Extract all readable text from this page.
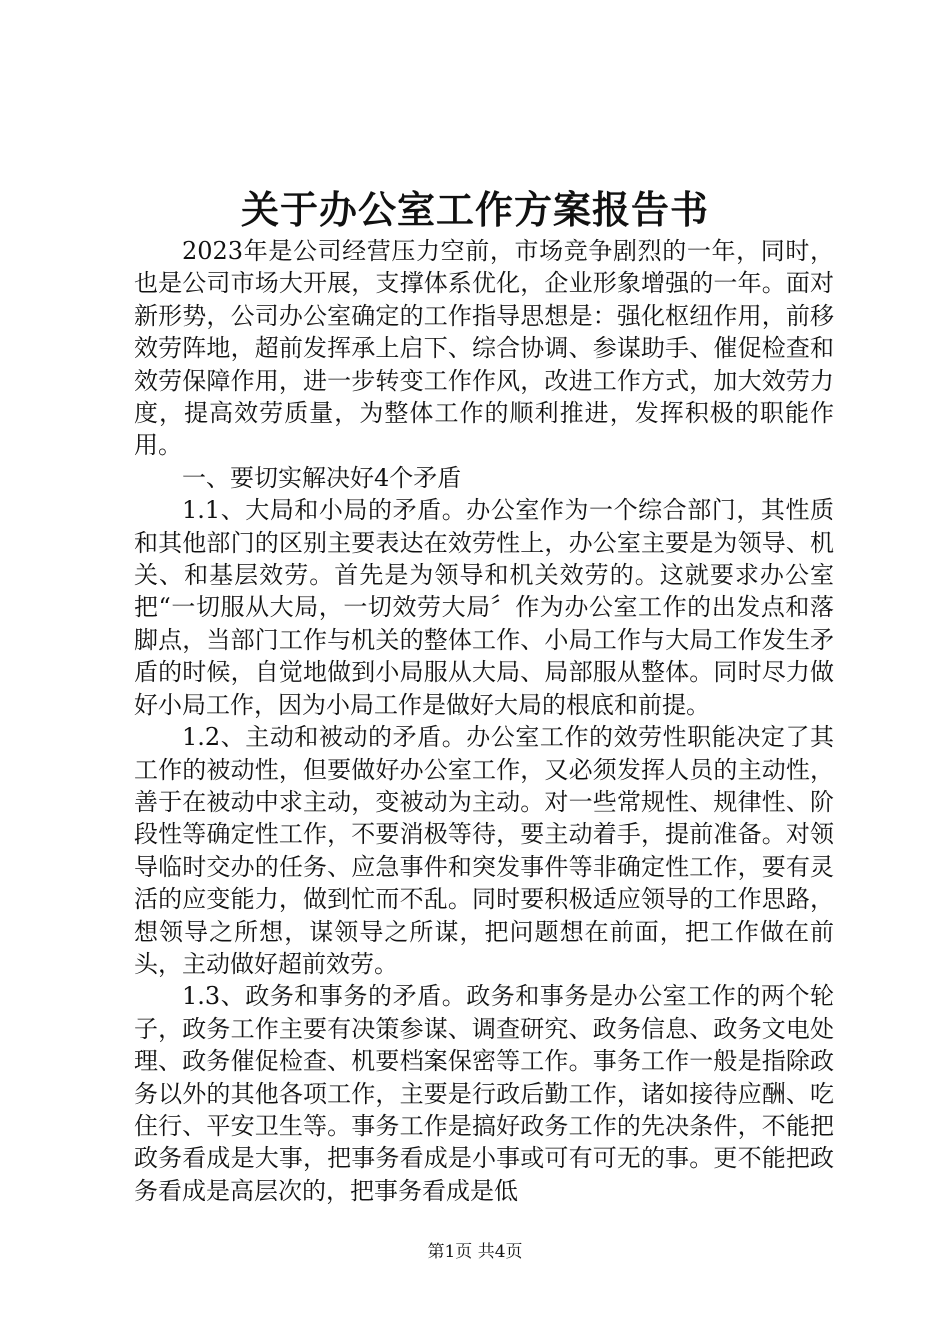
关于办公室工作方案报告书

2023年是公司经营压力空前，市场竞争剧烈的一年，同时，也是公司市场大开展，支撑体系优化，企业形象增强的一年。面对新形势，公司办公室确定的工作指导思想是：强化枢纽作用，前移效劳阵地，超前发挥承上启下、综合协调、参谋助手、催促检查和效劳保障作用，进一步转变工作作风，改进工作方式，加大效劳力度，提高效劳质量，为整体工作的顺利推进，发挥积极的职能作用。

一、要切实解决好4个矛盾

1.1、大局和小局的矛盾。办公室作为一个综合部门，其性质和其他部门的区别主要表达在效劳性上，办公室主要是为领导、机关、和基层效劳。首先是为领导和机关效劳的。这就要求办公室把“一切服从大局，一切效劳大局〞作为办公室工作的出发点和落脚点，当部门工作与机关的整体工作、小局工作与大局工作发生矛盾的时候，自觉地做到小局服从大局、局部服从整体。同时尽力做好小局工作，因为小局工作是做好大局的根底和前提。

1.2、主动和被动的矛盾。办公室工作的效劳性职能决定了其工作的被动性，但要做好办公室工作，又必须发挥人员的主动性，善于在被动中求主动，变被动为主动。对一些常规性、规律性、阶段性等确定性工作，不要消极等待，要主动着手，提前准备。对领导临时交办的任务、应急事件和突发事件等非确定性工作，要有灵活的应变能力，做到忙而不乱。同时要积极适应领导的工作思路，想领导之所想，谋领导之所谋，把问题想在前面，把工作做在前头，主动做好超前效劳。

1.3、政务和事务的矛盾。政务和事务是办公室工作的两个轮子，政务工作主要有决策参谋、调查研究、政务信息、政务文电处理、政务催促检查、机要档案保密等工作。事务工作一般是指除政务以外的其他各项工作，主要是行政后勤工作，诸如接待应酬、吃住行、平安卫生等。事务工作是搞好政务工作的先决条件，不能把政务看成是大事，把事务看成是小事或可有可无的事。更不能把政务看成是高层次的，把事务看成是低

第1页 共4页
